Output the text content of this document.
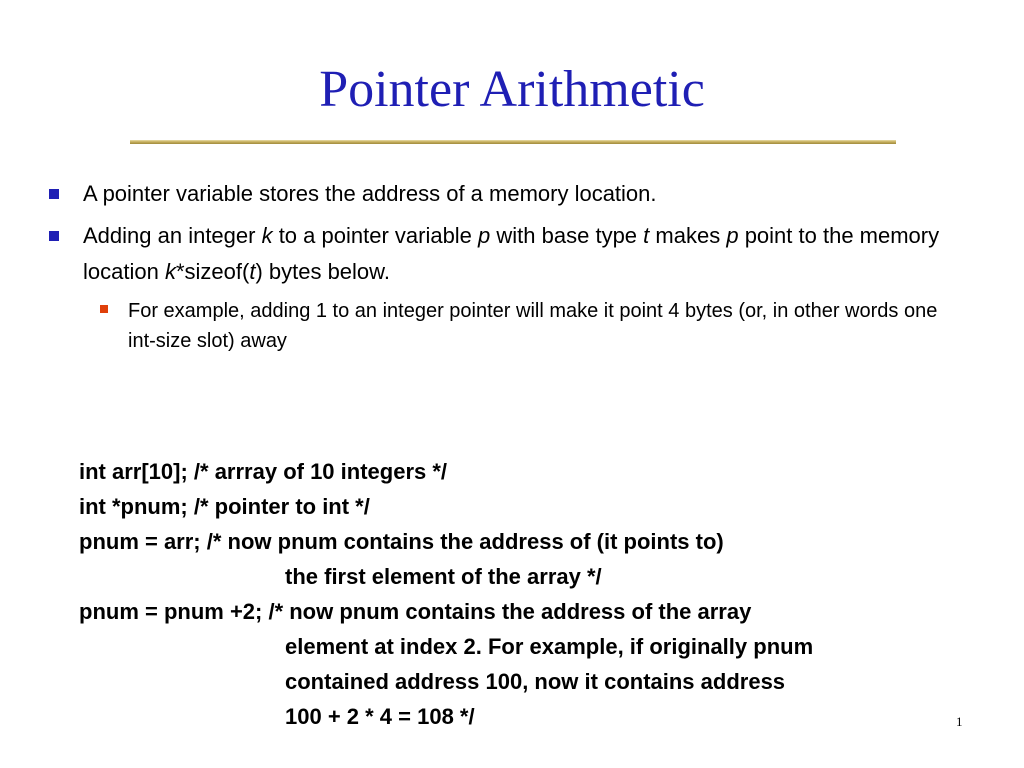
Pointer Arithmetic
A pointer variable stores the address of a memory location.
Adding an integer k to a pointer variable p with base type t makes p point to the memory location k*sizeof(t) bytes below.
For example, adding 1 to an integer pointer will make it point 4 bytes (or, in other words one int-size slot) away
int arr[10]; /* arrray of 10 integers */
int *pnum; /* pointer to int */
pnum = arr; /* now pnum contains the address of (it points to)
the first element of the array */
pnum = pnum +2; /* now pnum contains the address of the array
element at index 2. For example, if originally pnum
contained address 100, now it contains address
100 + 2 * 4 = 108 */	1
